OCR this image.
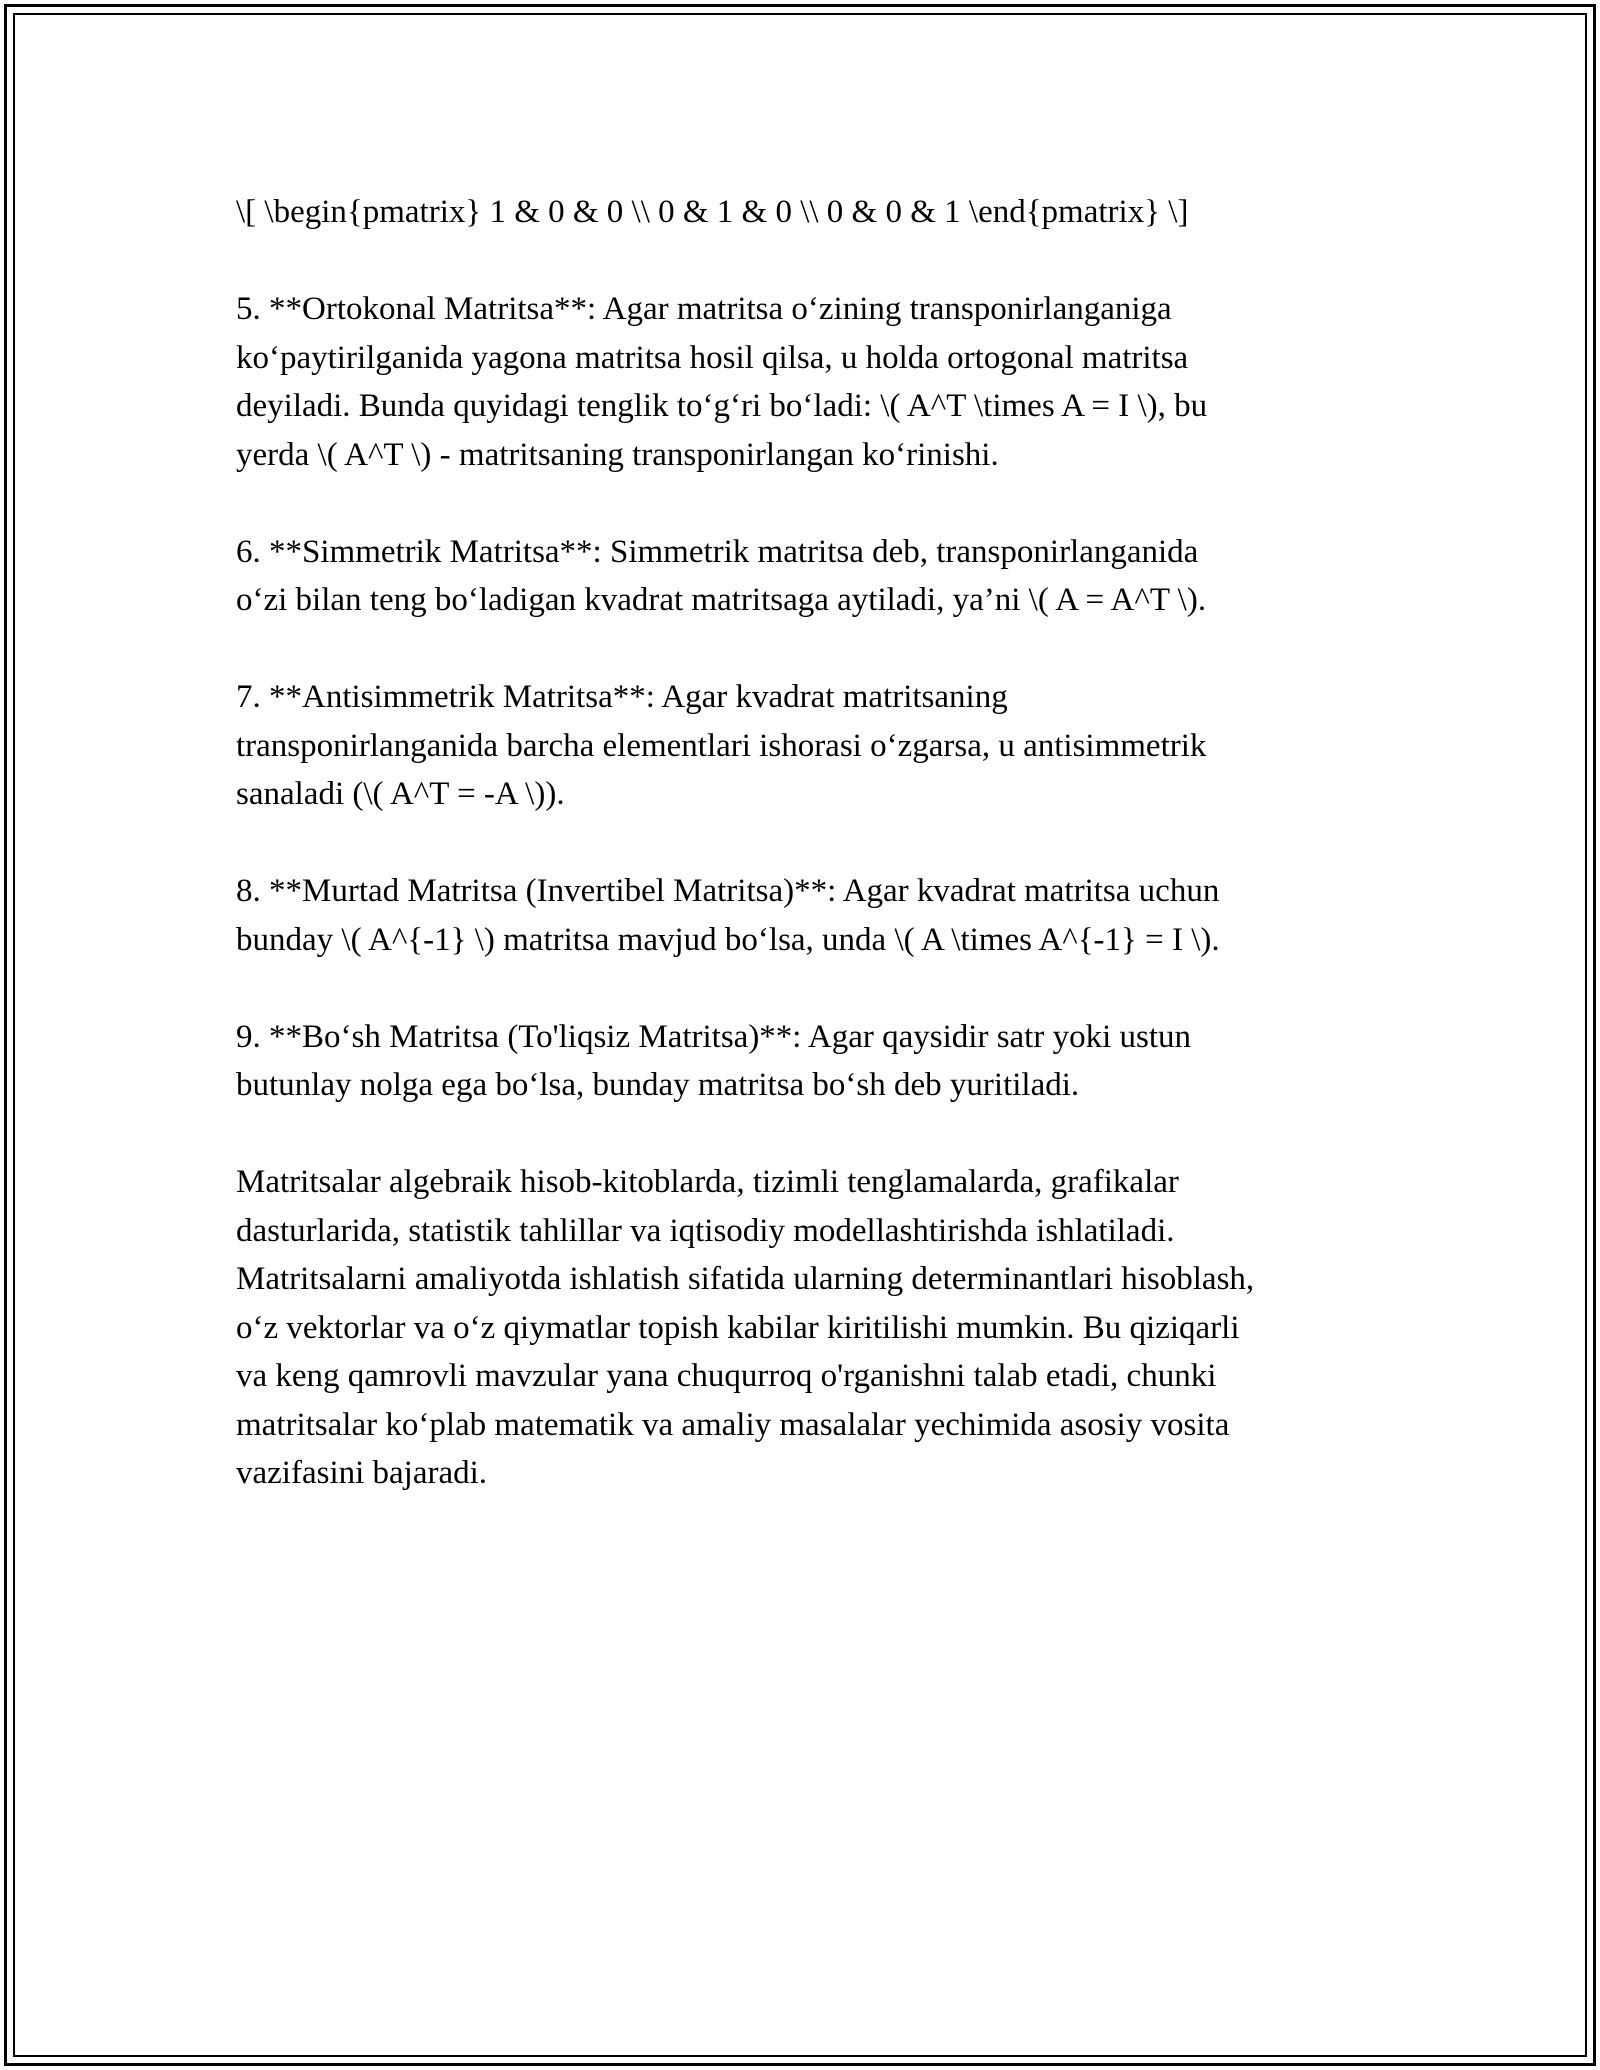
\[ \begin{pmatrix} 1 & 0 & 0 \\ 0 & 1 & 0 \\ 0 & 0 & 1 \end{pmatrix} \]

5. **Ortokonal Matritsa**: Agar matritsa o‘zining transponirlanganiga
ko‘paytirilganida yagona matritsa hosil qilsa, u holda ortogonal matritsa
deyiladi. Bunda quyidagi tenglik to‘g‘ri bo‘ladi: \( A^T \times A = I \), bu
yerda \( A^T \) - matritsaning transponirlangan ko‘rinishi.

6. **Simmetrik Matritsa**: Simmetrik matritsa deb, transponirlanganida
o‘zi bilan teng bo‘ladigan kvadrat matritsaga aytiladi, ya’ni \( A = A^T \).

7. **Antisimmetrik Matritsa**: Agar kvadrat matritsaning
transponirlanganida barcha elementlari ishorasi o‘zgarsa, u antisimmetrik
sanaladi (\( A^T = -A \)).

8. **Murtad Matritsa (Invertibel Matritsa)**: Agar kvadrat matritsa uchun
bunday \( A^{-1} \) matritsa mavjud bo‘lsa, unda \( A \times A^{-1} = I \).

9. **Bo‘sh Matritsa (To'liqsiz Matritsa)**: Agar qaysidir satr yoki ustun
butunlay nolga ega bo‘lsa, bunday matritsa bo‘sh deb yuritiladi.

Matritsalar algebraik hisob-kitoblarda, tizimli tenglamalarda, grafikalar
dasturlarida, statistik tahlillar va iqtisodiy modellashtirishda ishlatiladi.
Matritsalarni amaliyotda ishlatish sifatida ularning determinantlari hisoblash,
o‘z vektorlar va o‘z qiymatlar topish kabilar kiritilishi mumkin. Bu qiziqarli
va keng qamrovli mavzular yana chuqurroq o'rganishni talab etadi, chunki
matritsalar ko‘plab matematik va amaliy masalalar yechimida asosiy vosita
vazifasini bajaradi.
